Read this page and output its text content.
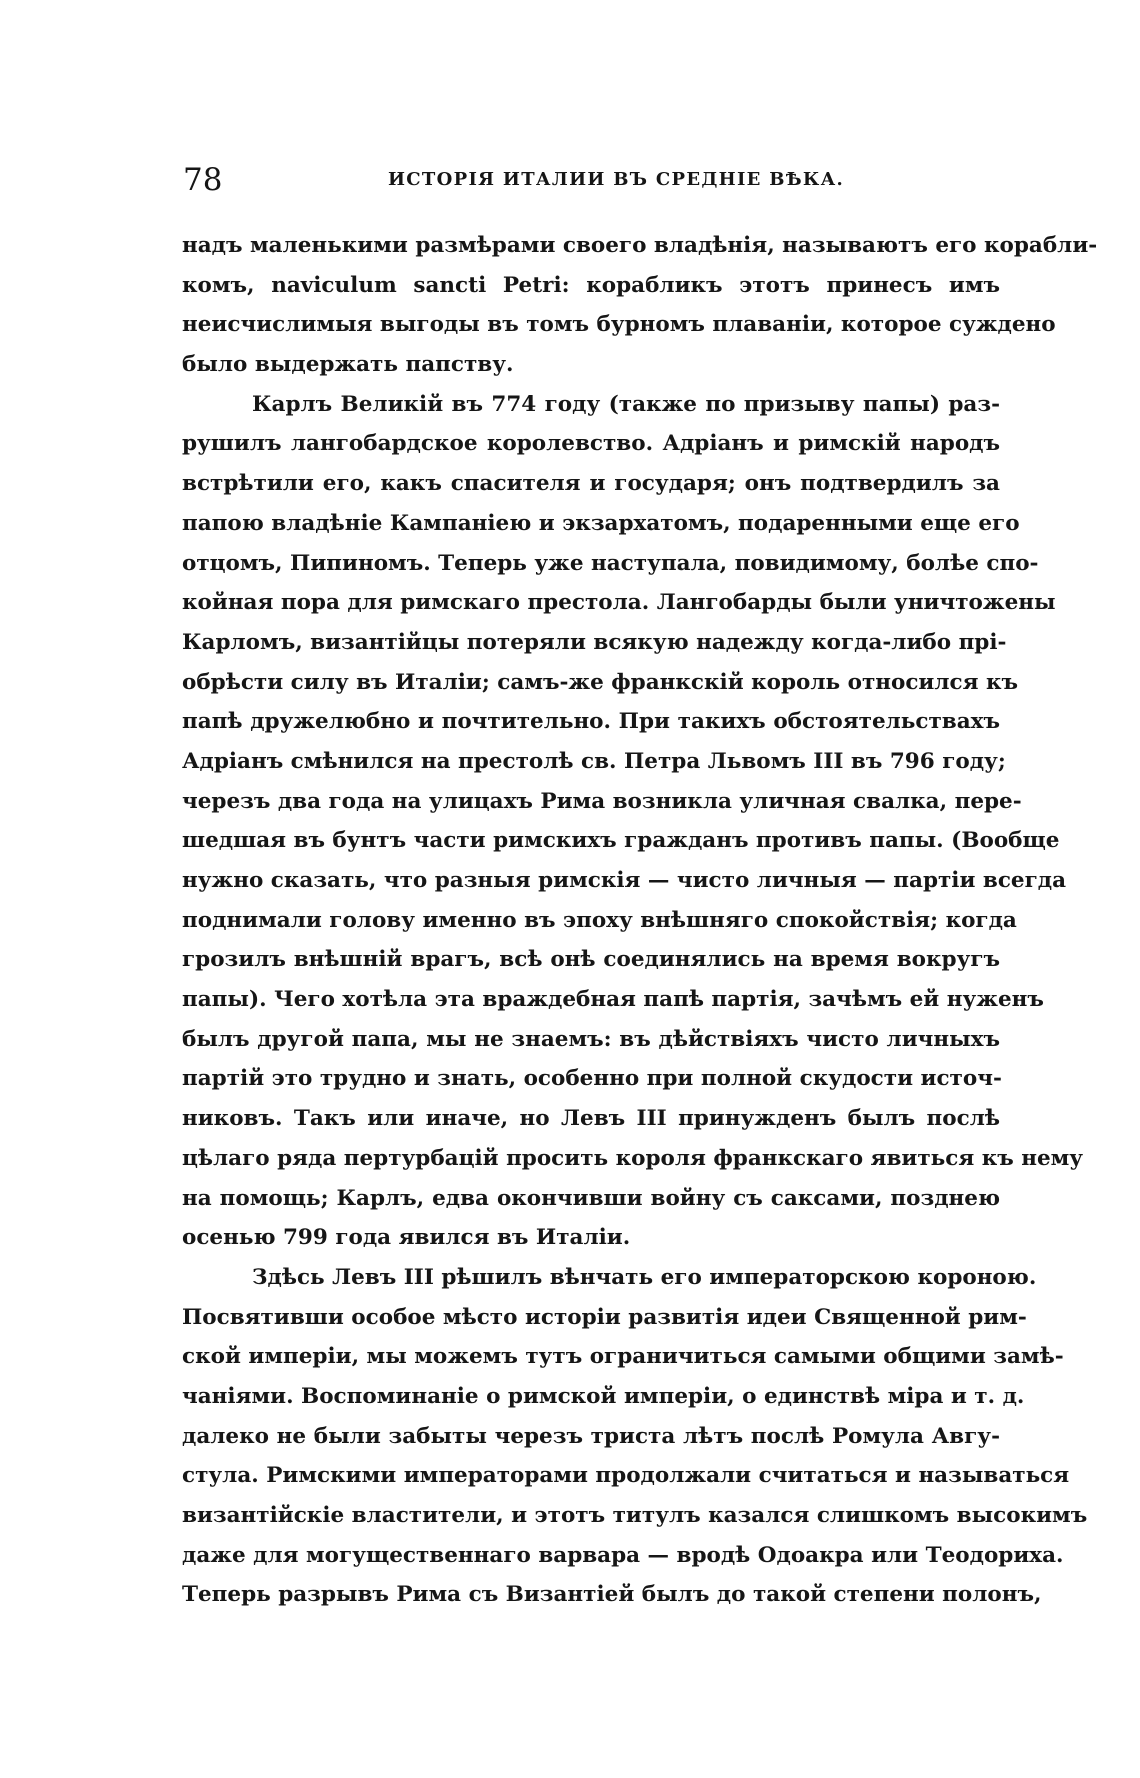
78	ИСТОРІЯ ИТАЛИИ ВЪ СРЕДНІЕ ВѢКА.
надъ маленькими размѣрами своего владѣнія, называютъ его корабли-
комъ, naviculum sancti Petri: корабликъ этотъ принесъ имъ
неисчислимыя выгоды въ томъ бурномъ плаваніи, которое суждено
было выдержать папству.
Карлъ Великій въ 774 году (также по призыву папы) раз-
рушилъ лангобардское королевство. Адріанъ и римскій народъ
встрѣтили его, какъ спасителя и государя; онъ подтвердилъ за
папою владѣніе Кампаніею и экзархатомъ, подаренными еще его
отцомъ, Пипиномъ. Теперь уже наступала, повидимому, болѣе спо-
койная пора для римскаго престола. Лангобарды были уничтожены
Карломъ, византійцы потеряли всякую надежду когда-либо прі-
обрѣсти силу въ Италіи; самъ-же франкскій король относился къ
папѣ дружелюбно и почтительно. При такихъ обстоятельствахъ
Адріанъ смѣнился на престолѣ св. Петра Львомъ III въ 796 году;
черезъ два года на улицахъ Рима возникла уличная свалка, пере-
шедшая въ бунтъ части римскихъ гражданъ противъ папы. (Вообще
нужно сказать, что разныя римскія — чисто личныя — партіи всегда
поднимали голову именно въ эпоху внѣшняго спокойствія; когда
грозилъ внѣшній врагъ, всѣ онѣ соединялись на время вокругъ
папы). Чего хотѣла эта враждебная папѣ партія, зачѣмъ ей нуженъ
былъ другой папа, мы не знаемъ: въ дѣйствіяхъ чисто личныхъ
партій это трудно и знать, особенно при полной скудости источ-
никовъ. Такъ или иначе, но Левъ III принужденъ былъ послѣ
цѣлаго ряда пертурбацій просить короля франкскаго явиться къ нему
на помощь; Карлъ, едва окончивши войну съ саксами, позднею
осенью 799 года явился въ Италіи.
Здѣсь Левъ III рѣшилъ вѣнчать его императорскою короною.
Посвятивши особое мѣсто исторіи развитія идеи Священной рим-
ской имперіи, мы можемъ тутъ ограничиться самыми общими замѣ-
чаніями. Воспоминаніе о римской имперіи, о единствѣ міра и т. д.
далеко не были забыты черезъ триста лѣтъ послѣ Ромула Авгу-
стула. Римскими императорами продолжали считаться и называться
византійскіе властители, и этотъ титулъ казался слишкомъ высокимъ
даже для могущественнаго варвара — вродѣ Одоакра или Теодориха.
Теперь разрывъ Рима съ Византіей былъ до такой степени полонъ,
